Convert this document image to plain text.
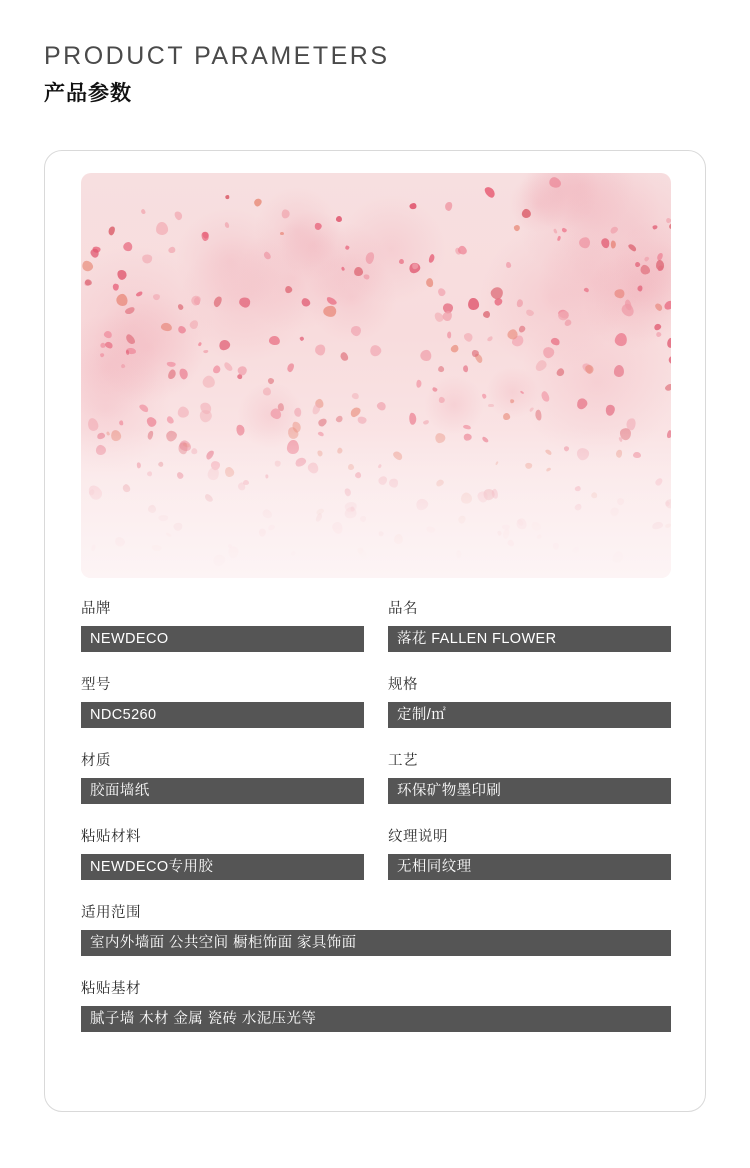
PRODUCT PARAMETERS
产品参数
品牌
NEWDECO
品名
落花 FALLEN FLOWER
型号
NDC5260
规格
定制/㎡
材质
胶面墙纸
工艺
环保矿物墨印刷
粘贴材料
NEWDECO专用胶
纹理说明
无相同纹理
适用范围
室内外墙面 公共空间 橱柜饰面 家具饰面
粘贴基材
腻子墙 木材 金属 瓷砖 水泥压光等
